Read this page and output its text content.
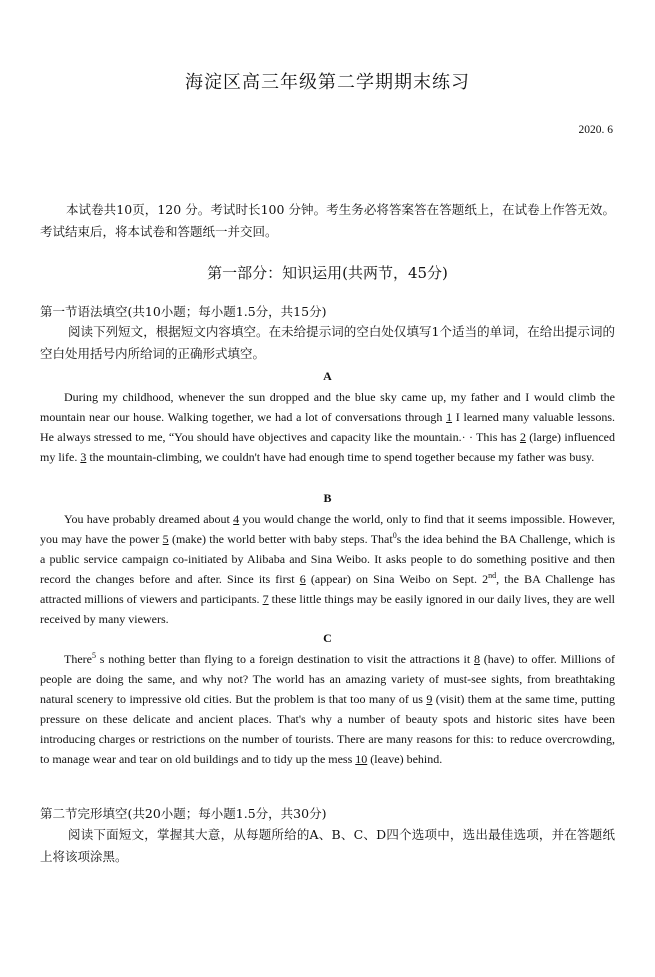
海淀区高三年级第二学期期末练习
2020. 6
本试卷共10页，120 分。考试时长100 分钟。考生务必将答案答在答题纸上，在试卷上作答无效。考试结束后，将本试卷和答题纸一并交回。
第一部分：知识运用(共两节，45分)
第一节语法填空(共10小题；每小题1.5分，共15分)
阅读下列短文，根据短文内容填空。在未给提示词的空白处仅填写1个适当的单词，在给出提示词的空白处用括号内所给词的正确形式填空。
A
During my childhood, whenever the sun dropped and the blue sky came up, my father and I would climb the mountain near our house. Walking together, we had a lot of conversations through 1 I learned many valuable lessons. He always stressed to me, “You should have objectives and capacity like the mountain.· · This has 2 (large) influenced my life. 3 the mountain-climbing, we couldn't have had enough time to spend together because my father was busy.
B
You have probably dreamed about 4 you would change the world, only to find that it seems impossible. However, you may have the power 5 (make) the world better with baby steps. That$^0$s the idea behind the BA Challenge, which is a public service campaign co-initiated by Alibaba and Sina Weibo. It asks people to do something positive and then record the changes before and after. Since its first 6 (appear) on Sina Weibo on Sept. 2nd, the BA Challenge has attracted millions of viewers and participants. 7 these little things may be easily ignored in our daily lives, they are well received by many viewers.
C
There$^5$ s nothing better than flying to a foreign destination to visit the attractions it 8 (have) to offer. Millions of people are doing the same, and why not? The world has an amazing variety of must-see sights, from breathtaking natural scenery to impressive old cities. But the problem is that too many of us 9 (visit) them at the same time, putting pressure on these delicate and ancient places. That's why a number of beauty spots and historic sites have been introducing charges or restrictions on the number of tourists. There are many reasons for this: to reduce overcrowding, to manage wear and tear on old buildings and to tidy up the mess 10 (leave) behind.
第二节完形填空(共20小题；每小题1.5分，共30分)
阅读下面短文，掌握其大意，从每题所给的A、B、C、D四个选项中，选出最佳选项，并在答题纸上将该项涂黑。
